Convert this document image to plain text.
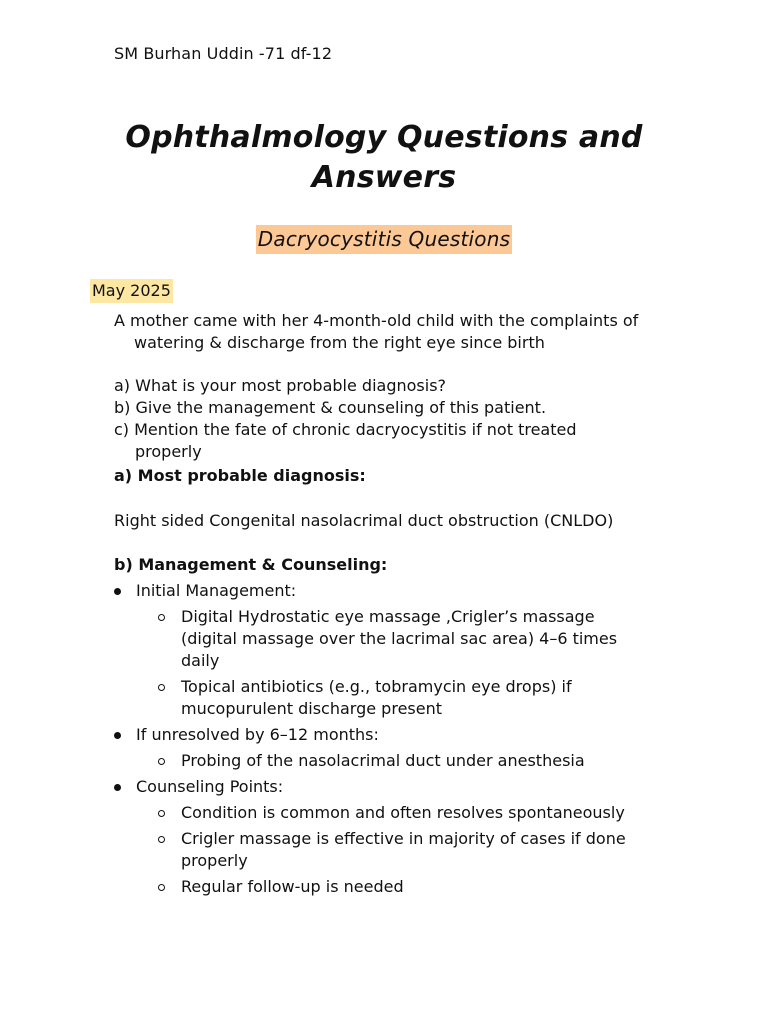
SM Burhan Uddin -71 df-12
Ophthalmology Questions and Answers
Dacryocystitis Questions
May 2025
A mother came with her 4-month-old child with the complaints of
watering & discharge from the right eye since birth
a) What is your most probable diagnosis?
b) Give the management & counseling of this patient.
c) Mention the fate of chronic dacryocystitis if not treated
properly
a) Most probable diagnosis:
Right sided Congenital nasolacrimal duct obstruction (CNLDO)
b) Management & Counseling:
Initial Management:
Digital Hydrostatic eye massage ,Crigler’s massage (digital massage over the lacrimal sac area) 4–6 times daily
Topical antibiotics (e.g., tobramycin eye drops) if mucopurulent discharge present
If unresolved by 6–12 months:
Probing of the nasolacrimal duct under anesthesia
Counseling Points:
Condition is common and often resolves spontaneously
Crigler massage is effective in majority of cases if done properly
Regular follow-up is needed
